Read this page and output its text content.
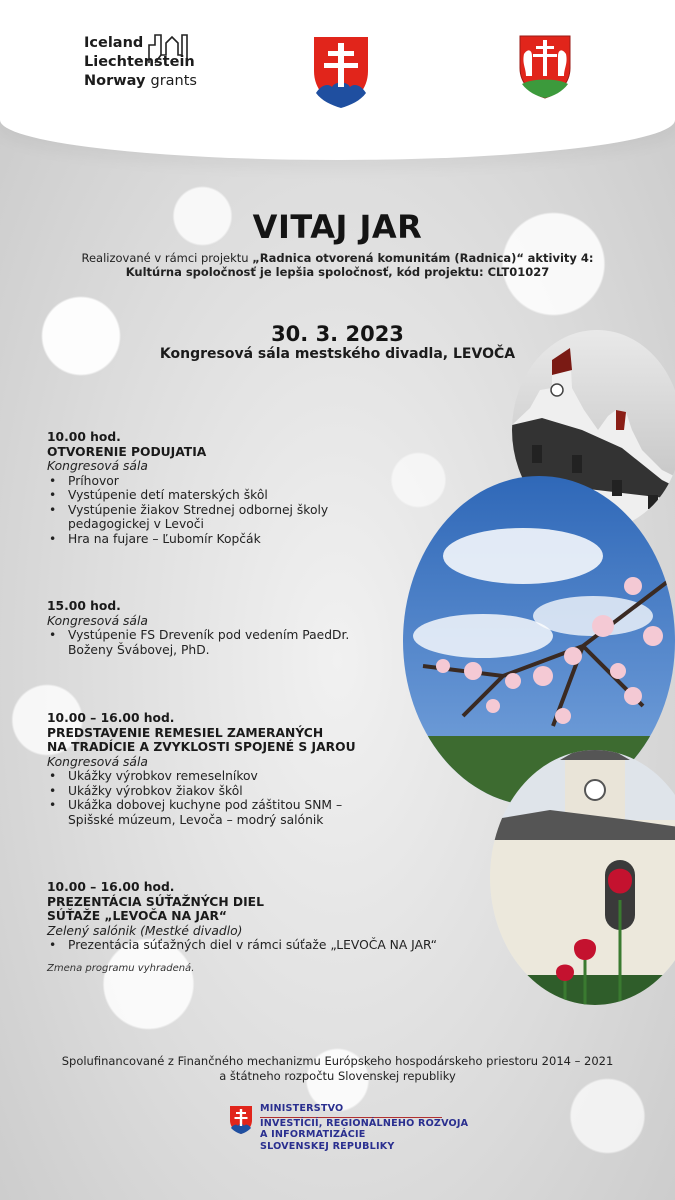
Iceland
Liechtenstein
Norway grants
VITAJ JAR
Realizované v rámci projektu „Radnica otvorená komunitám (Radnica)“ aktivity 4:
Kultúrna spoločnosť je lepšia spoločnosť, kód projektu: CLT01027
30. 3. 2023
Kongresová sála mestského divadla, LEVOČA
10.00 hod.
OTVORENIE PODUJATIA
Kongresová sála
• Príhovor
• Vystúpenie detí materských škôl
• Vystúpenie žiakov Strednej odbornej školy pedagogickej v Levoči
• Hra na fujare – Ľubomír Kopčák
15.00 hod.
Kongresová sála
• Vystúpenie FS Dreveník pod vedením PaedDr. Boženy Švábovej, PhD.
10.00 – 16.00 hod.
PREDSTAVENIE REMESIEL ZAMERANÝCH
NA TRADÍCIE A ZVYKLOSTI SPOJENÉ S JAROU
Kongresová sála
• Ukážky výrobkov remeselníkov
• Ukážky výrobkov žiakov škôl
• Ukážka dobovej kuchyne pod záštitou SNM – Spišské múzeum, Levoča – modrý salónik
10.00 – 16.00 hod.
PREZENTÁCIA SÚŤAŽNÝCH DIEL
SÚŤAŽE „LEVOČA NA JAR“
Zelený salónik (Mestké divadlo)
• Prezentácia súťažných diel v rámci súťaže „LEVOČA NA JAR“
Zmena programu vyhradená.
Spolufinancované z Finančného mechanizmu Európskeho hospodárskeho priestoru 2014 – 2021
a štátneho rozpočtu Slovenskej republiky
MINISTERSTVO
INVESTÍCIÍ, REGIONÁLNEHO ROZVOJA
A INFORMATIZÁCIE
SLOVENSKEJ REPUBLIKY
